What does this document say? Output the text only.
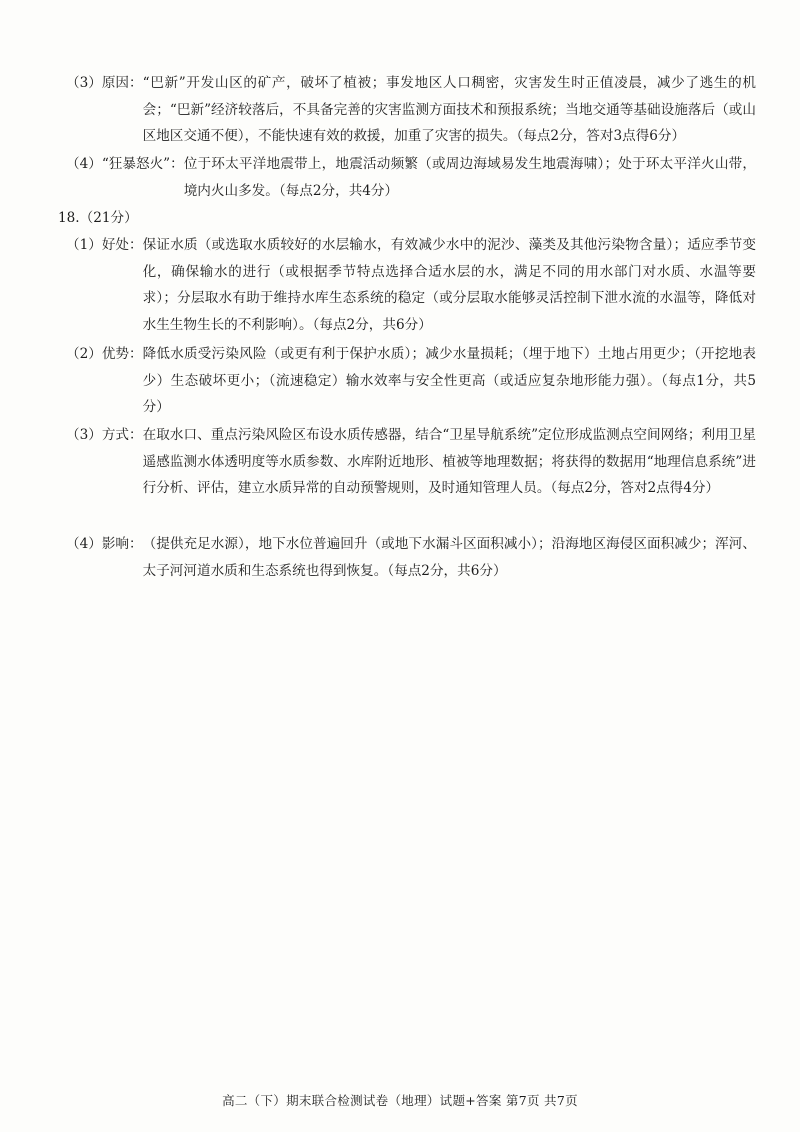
（3） 原因： “巴新”开发山区的矿产，破坏了植被；事发地区人口稠密，灾害发生时正值凌晨，减少了逃生的机会；“巴新”经济较落后，不具备完善的灾害监测方面技术和预报系统；当地交通等基础设施落后（或山区地区交通不便），不能快速有效的救援，加重了灾害的损失。（每点2分，答对3点得6分）
（4） “狂暴怒火”： 位于环太平洋地震带上，地震活动频繁（或周边海域易发生地震海啸）；处于环太平洋火山带，境内火山多发。（每点2分，共4分）
18.（21分）
（1） 好处： 保证水质（或选取水质较好的水层输水，有效减少水中的泥沙、藻类及其他污染物含量）；适应季节变化，确保输水的进行（或根据季节特点选择合适水层的水，满足不同的用水部门对水质、水温等要求）；分层取水有助于维持水库生态系统的稳定（或分层取水能够灵活控制下泄水流的水温等，降低对水生生物生长的不利影响）。（每点2分，共6分）
（2） 优势： 降低水质受污染风险（或更有利于保护水质）；减少水量损耗；（埋于地下）土地占用更少；（开挖地表少）生态破坏更小；（流速稳定）输水效率与安全性更高（或适应复杂地形能力强）。（每点1分，共5分）
（3） 方式： 在取水口、重点污染风险区布设水质传感器，结合“卫星导航系统”定位形成监测点空间网络；利用卫星遥感监测水体透明度等水质参数、水库附近地形、植被等地理数据；将获得的数据用“地理信息系统”进行分析、评估，建立水质异常的自动预警规则，及时通知管理人员。（每点2分，答对2点得4分）
（4） 影响： （提供充足水源），地下水位普遍回升（或地下水漏斗区面积减小）；沿海地区海侵区面积减少；浑河、太子河河道水质和生态系统也得到恢复。（每点2分，共6分）
高二（下）期末联合检测试卷（地理）试题+答案 第7页 共7页
